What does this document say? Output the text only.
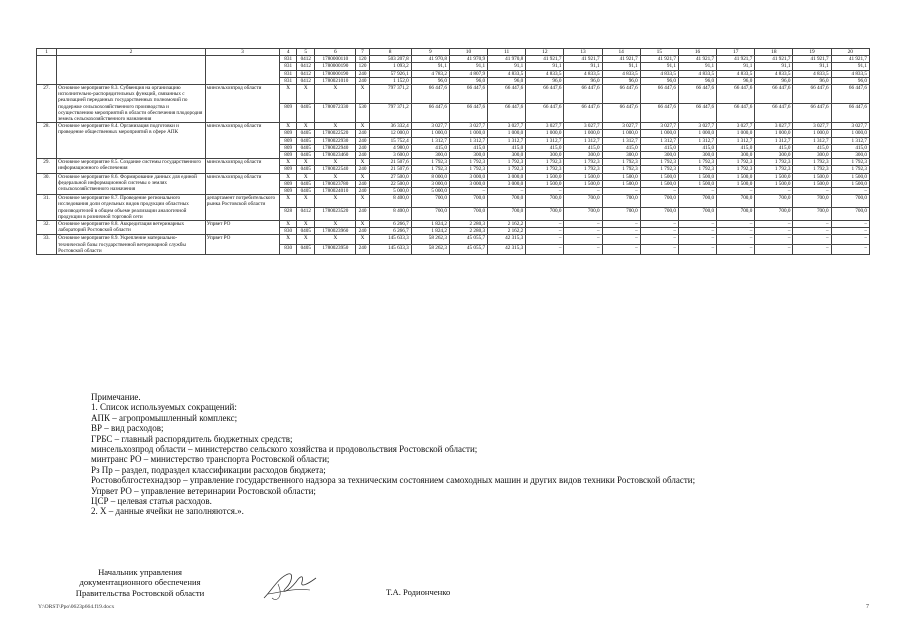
1	2	3	4	5	6	7	8	9	10	11	12	13	14	15	16	17	18	19	20
			831	0412	1780000110	120	503 207,8	41 970,8	41 970,9	41 970,8	41 921,7	41 921,7	41 921,7	41 921,7	41 921,7	41 921,7	41 921,7	41 921,7	41 921,7
			831	0412	1780000190	120	1 093,2	91,1	91,1	91,1	91,1	91,1	91,1	91,1	91,1	91,1	91,1	91,1	91,1
			831	0412	1780000190	240	57 926,1	4 783,2	4 807,9	4 833,5	4 833,5	4 833,5	4 833,5	4 833,5	4 833,5	4 833,5	4 833,5	4 833,5	4 833,5
			831	0412	1780021010	240	1 152,0	96,0	96,0	96,0	96,0	96,0	96,0	96,0	96,0	96,0	96,0	96,0	96,0
27.	Основное мероприятие 8.3. Субвенция на организацию исполнительно-распорядительных функций, связанных с реализацией переданных государственных полномочий по поддержке сельскохозяйственного производства и осуществлению мероприятий в области обеспечения плодородия земель сельскохозяйственного назначения	минсельхозпрод области	X	X	X	X	797 371,2	66 447,6	66 447,6	66 447,6	66 447,6	66 447,6	66 447,6	66 447,6	66 447,6	66 447,6	66 447,6	66 447,6	66 447,6
			809	0405	1780072330	530	797 371,2	66 447,6	66 447,6	66 447,6	66 447,6	66 447,6	66 447,6	66 447,6	66 447,6	66 447,6	66 447,6	66 447,6	66 447,6
28.	Основное мероприятие 8.4. Организация подготовки и проведение общественных мероприятий в сфере АПК	минсельхозпрод области	X	X	X	X	36 332,4	3 027,7	3 027,7	3 027,7	3 027,7	3 027,7	3 027,7	3 027,7	3 027,7	3 027,7	3 027,7	3 027,7	3 027,7
			809	0405	1780022520	240	12 000,0	1 000,0	1 000,0	1 000,0	1 000,0	1 000,0	1 000,0	1 000,0	1 000,0	1 000,0	1 000,0	1 000,0	1 000,0
			809	0405	1780022930	240	15 752,4	1 312,7	1 312,7	1 312,7	1 312,7	1 312,7	1 312,7	1 312,7	1 312,7	1 312,7	1 312,7	1 312,7	1 312,7
			809	0405	1780022940	240	4 980,0	415,0	415,0	415,0	415,0	415,0	415,0	415,0	415,0	415,0	415,0	415,0	415,0
			809	0405	1780023460	240	3 600,0	300,0	300,0	300,0	300,0	300,0	300,0	300,0	300,0	300,0	300,0	300,0	300,0
29.	Основное мероприятие 8.5. Создание системы государственного информационного обеспечения	минсельхозпрод области	X	X	X	X	21 507,6	1 792,3	1 792,3	1 792,3	1 792,3	1 792,3	1 792,3	1 792,3	1 792,3	1 792,3	1 792,3	1 792,3	1 792,3
			809	0405	1780022540	240	21 507,6	1 792,3	1 792,3	1 792,3	1 792,3	1 792,3	1 792,3	1 792,3	1 792,3	1 792,3	1 792,3	1 792,3	1 792,3
30.	Основное мероприятие 8.6. Формирование данных для единой федеральной информационной системы о землях сельскохозяйственного назначения	минсельхозпрод области	X	X	X	X	27 500,0	8 000,0	3 000,0	3 000,0	1 500,0	1 500,0	1 500,0	1 500,0	1 500,0	1 500,0	1 500,0	1 500,0	1 500,0
			809	0405	1780023780	240	22 500,0	3 000,0	3 000,0	3 000,0	1 500,0	1 500,0	1 500,0	1 500,0	1 500,0	1 500,0	1 500,0	1 500,0	1 500,0
			809	0405	1780024010	240	5 000,0	5 000,0	–	–	–	–	–	–	–	–	–	–	–
31.	Основное мероприятие 8.7. Проведение регионального исследования доли отдельных видов продукции областных производителей в общем объеме реализации аналогичной продукции в розничной торговой сети	департамент потребительского рынка Ростовской области	X	X	X	X	8 400,0	700,0	700,0	700,0	700,0	700,0	700,0	700,0	700,0	700,0	700,0	700,0	700,0
			828	0412	1780023520	240	8 400,0	700,0	700,0	700,0	700,0	700,0	700,0	700,0	700,0	700,0	700,0	700,0	700,0
32.	Основное мероприятие 8.8. Аккредитация ветеринарных лабораторий Ростовской области	Упрвет РО	X	X	X	X	6 266,7	1 824,2	2 280,3	2 162,2	–	–	–	–	–	–	–	–	–
			830	0405	1780023960	240	6 266,7	1 824,2	2 280,3	2 162,2	–	–	–	–	–	–	–	–	–
33.	Основное мероприятие 8.9. Укрепление материально-технической базы государственной ветеринарной службы Ростовской области	Упрвет РО	X	X	X	X	145 633,3	58 262,3	45 055,7	42 315,3	–	–	–	–	–	–	–	–	–
			830	0405	1780023950	240	145 633,3	58 262,3	45 055,7	42 315,3	–	–	–	–	–	–	–	–	–
Примечание.
1. Список используемых сокращений:
АПК – агропромышленный комплекс;
ВР – вид расходов;
ГРБС – главный распорядитель бюджетных средств;
минсельхозпрод области – министерство сельского хозяйства и продовольствия Ростовской области;
минтранс РО – министерство транспорта Ростовской области;
Рз Пр – раздел, подраздел классификации расходов бюджета;
Ростовоблгостехнадзор – управление государственного надзора за техническим состоянием самоходных машин и других видов техники Ростовской области;
Упрвет РО – управление ветеринарии Ростовской области;
ЦСР – целевая статья расходов.
2. Х – данные ячейки не заполняются.».
Начальник управления
документационного обеспечения
Правительства Ростовской области	Т.А. Родионченко
Y:\ORST\Ppo\0623p664.f19.docx	7
